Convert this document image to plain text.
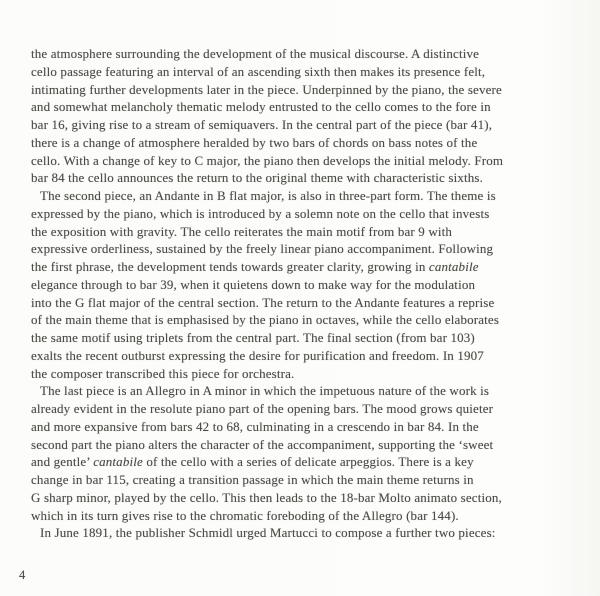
the atmosphere surrounding the development of the musical discourse. A distinctive
cello passage featuring an interval of an ascending sixth then makes its presence felt,
intimating further developments later in the piece. Underpinned by the piano, the severe
and somewhat melancholy thematic melody entrusted to the cello comes to the fore in
bar 16, giving rise to a stream of semiquavers. In the central part of the piece (bar 41),
there is a change of atmosphere heralded by two bars of chords on bass notes of the
cello. With a change of key to C major, the piano then develops the initial melody. From
bar 84 the cello announces the return to the original theme with characteristic sixths.
The second piece, an Andante in B flat major, is also in three-part form. The theme is
expressed by the piano, which is introduced by a solemn note on the cello that invests
the exposition with gravity. The cello reiterates the main motif from bar 9 with
expressive orderliness, sustained by the freely linear piano accompaniment. Following
the first phrase, the development tends towards greater clarity, growing in cantabile
elegance through to bar 39, when it quietens down to make way for the modulation
into the G flat major of the central section. The return to the Andante features a reprise
of the main theme that is emphasised by the piano in octaves, while the cello elaborates
the same motif using triplets from the central part. The final section (from bar 103)
exalts the recent outburst expressing the desire for purification and freedom. In 1907
the composer transcribed this piece for orchestra.
The last piece is an Allegro in A minor in which the impetuous nature of the work is
already evident in the resolute piano part of the opening bars. The mood grows quieter
and more expansive from bars 42 to 68, culminating in a crescendo in bar 84. In the
second part the piano alters the character of the accompaniment, supporting the ‘sweet
and gentle’ cantabile of the cello with a series of delicate arpeggios. There is a key
change in bar 115, creating a transition passage in which the main theme returns in
G sharp minor, played by the cello. This then leads to the 18-bar Molto animato section,
which in its turn gives rise to the chromatic foreboding of the Allegro (bar 144).
In June 1891, the publisher Schmidl urged Martucci to compose a further two pieces:
4
